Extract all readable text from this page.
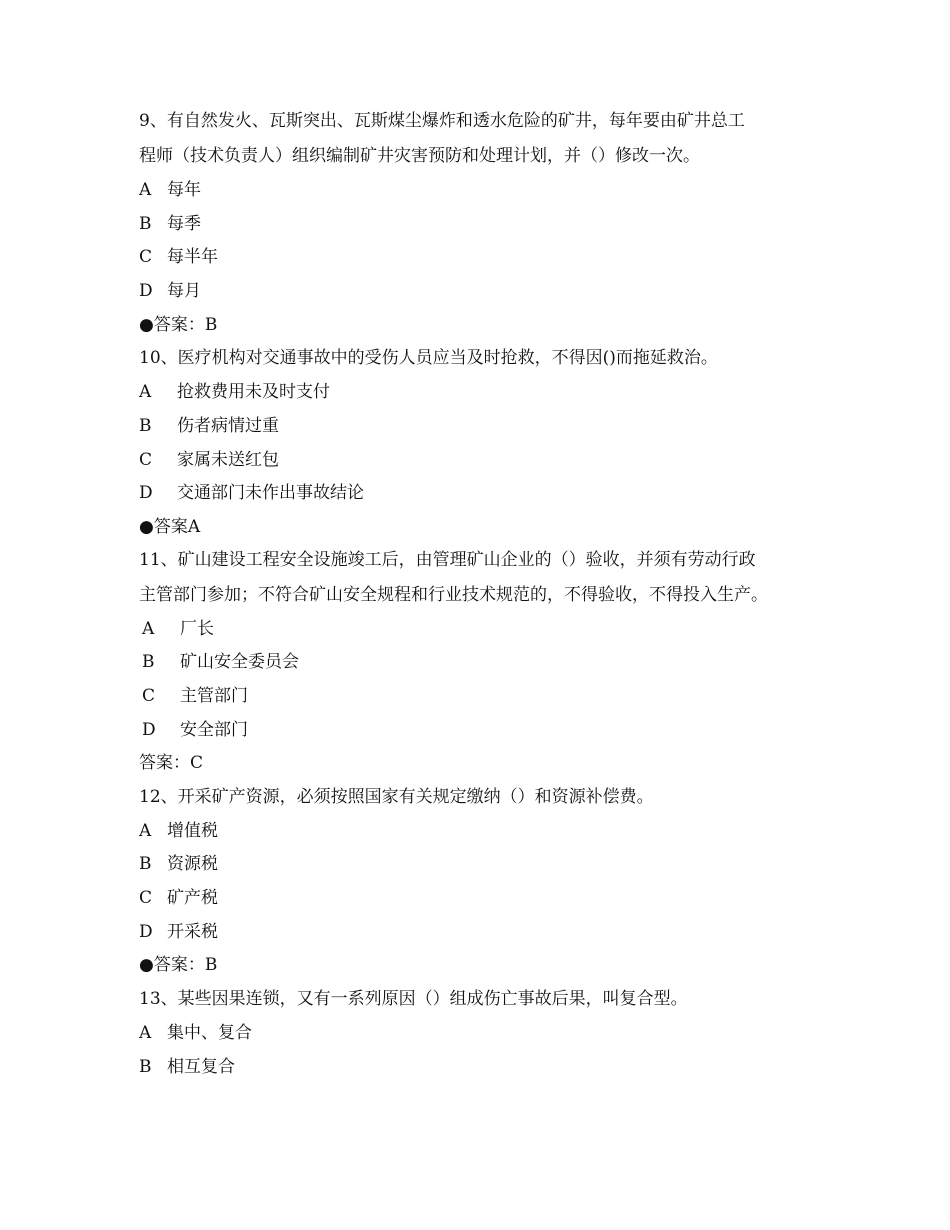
9、有自然发火、瓦斯突出、瓦斯煤尘爆炸和透水危险的矿井，每年要由矿井总工
程师（技术负责人）组织编制矿井灾害预防和处理计划，并（）修改一次。

A 每年

B 每季

C 每半年

D 每月

●答案：B

10、医疗机构对交通事故中的受伤人员应当及时抢救，不得因()而拖延救治。

A 抢救费用未及时支付

B 伤者病情过重

C 家属未送红包

D 交通部门未作出事故结论

●答案A

11、矿山建设工程安全设施竣工后，由管理矿山企业的（）验收，并须有劳动行政
主管部门参加；不符合矿山安全规程和行业技术规范的，不得验收，不得投入生产。

A 厂长

B 矿山安全委员会

C 主管部门

D 安全部门

答案：C

12、开采矿产资源，必须按照国家有关规定缴纳（）和资源补偿费。

A 增值税

B 资源税

C 矿产税

D 开采税

●答案：B

13、某些因果连锁，又有一系列原因（）组成伤亡事故后果，叫复合型。

A 集中、复合

B 相互复合
